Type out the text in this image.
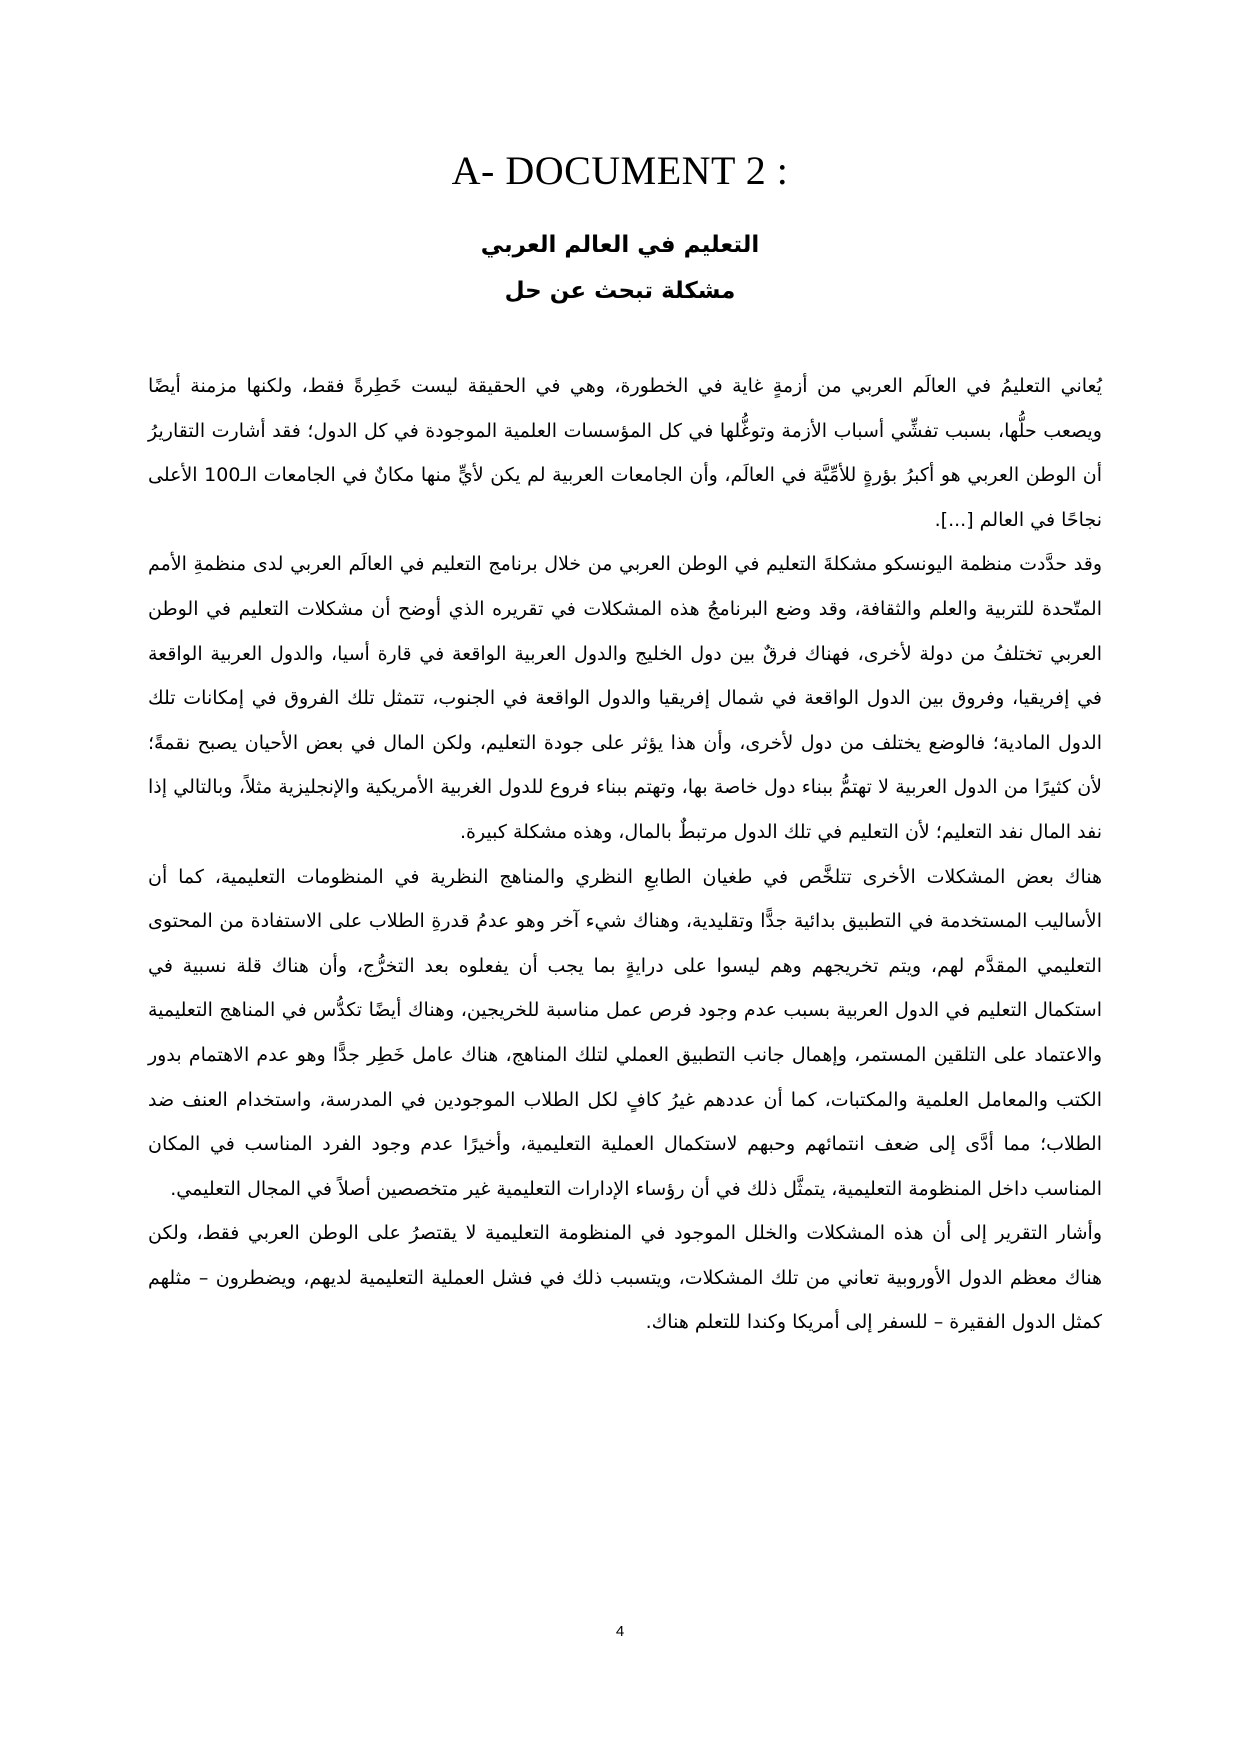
A- DOCUMENT 2 :
التعليم في العالم العربي
مشكلة تبحث عن حل

يُعاني التعليمُ في العالَم العربي من أزمةٍ غاية في الخطورة، وهي في الحقيقة ليست خَطِرةً فقط، ولكنها مزمنة أيضًا ويصعب حلُّها، بسبب تفشِّي أسباب الأزمة وتوغُّلها في كل المؤسسات العلمية الموجودة في كل الدول؛ فقد أشارت التقاريرُ أن الوطن العربي هو أكبرُ بؤرةٍ للأمِّيَّة في العالَم، وأن الجامعات العربية لم يكن لأيٍّ منها مكانٌ في الجامعات الـ100 الأعلى نجاحًا في العالم [...].

وقد حدَّدت منظمة اليونسكو مشكلةَ التعليم في الوطن العربي من خلال برنامج التعليم في العالَم العربي لدى منظمةِ الأمم المتّحدة للتربية والعلم والثقافة، وقد وضع البرنامجُ هذه المشكلات في تقريره الذي أوضح أن مشكلات التعليم في الوطن العربي تختلفُ من دولة لأخرى، فهناك فرقٌ بين دول الخليج والدول العربية الواقعة في قارة أسيا، والدول العربية الواقعة في إفريقيا، وفروق بين الدول الواقعة في شمال إفريقيا والدول الواقعة في الجنوب، تتمثل تلك الفروق في إمكانات تلك الدول المادية؛ فالوضع يختلف من دول لأخرى، وأن هذا يؤثر على جودة التعليم، ولكن المال في بعض الأحيان يصبح نقمةً؛ لأن كثيرًا من الدول العربية لا تهتمُّ ببناء دول خاصة بها، وتهتم ببناء فروع للدول الغربية الأمريكية والإنجليزية مثلاً، وبالتالي إذا نفد المال نفد التعليم؛ لأن التعليم في تلك الدول مرتبطٌ بالمال، وهذه مشكلة كبيرة.

هناك بعض المشكلات الأخرى تتلخَّص في طغيان الطابعِ النظري والمناهج النظرية في المنظومات التعليمية، كما أن الأساليب المستخدمة في التطبيق بدائية جدًّا وتقليدية، وهناك شيء آخر وهو عدمُ قدرةِ الطلاب على الاستفادة من المحتوى التعليمي المقدَّم لهم، ويتم تخريجهم وهم ليسوا على درايةٍ بما يجب أن يفعلوه بعد التخرُّج، وأن هناك قلة نسبية في استكمال التعليم في الدول العربية بسبب عدم وجود فرص عمل مناسبة للخريجين، وهناك أيضًا تكدُّس في المناهج التعليمية والاعتماد على التلقين المستمر، وإهمال جانب التطبيق العملي لتلك المناهج، هناك عامل خَطِر جدًّا وهو عدم الاهتمام بدور الكتب والمعامل العلمية والمكتبات، كما أن عددهم غيرُ كافٍ لكل الطلاب الموجودين في المدرسة، واستخدام العنف ضد الطلاب؛ مما أدَّى إلى ضعف انتمائهم وحبهم لاستكمال العملية التعليمية، وأخيرًا عدم وجود الفرد المناسب في المكان المناسب داخل المنظومة التعليمية، يتمثَّل ذلك في أن رؤساء الإدارات التعليمية غير متخصصين أصلاً في المجال التعليمي.

وأشار التقرير إلى أن هذه المشكلات والخلل الموجود في المنظومة التعليمية لا يقتصرُ على الوطن العربي فقط، ولكن هناك معظم الدول الأوروبية تعاني من تلك المشكلات، ويتسبب ذلك في فشل العملية التعليمية لديهم، ويضطرون – مثلهم كمثل الدول الفقيرة – للسفر إلى أمريكا وكندا للتعلم هناك.

4
